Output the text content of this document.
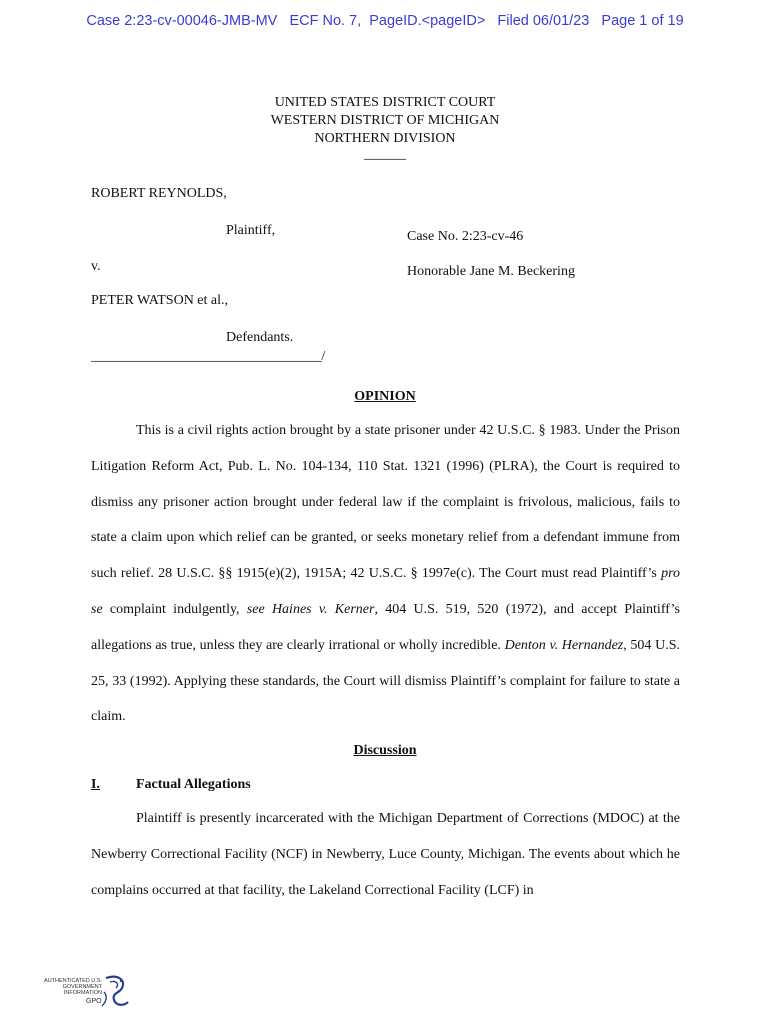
Case 2:23-cv-00046-JMB-MV ECF No. 7, PageID.<pageID> Filed 06/01/23 Page 1 of 19
UNITED STATES DISTRICT COURT
WESTERN DISTRICT OF MICHIGAN
NORTHERN DIVISION
______
ROBERT REYNOLDS,
Plaintiff,	Case No. 2:23-cv-46
v.	Honorable Jane M. Beckering
PETER WATSON et al.,
Defendants.
____________________________________/
OPINION

This is a civil rights action brought by a state prisoner under 42 U.S.C. § 1983. Under the Prison Litigation Reform Act, Pub. L. No. 104-134, 110 Stat. 1321 (1996) (PLRA), the Court is required to dismiss any prisoner action brought under federal law if the complaint is frivolous, malicious, fails to state a claim upon which relief can be granted, or seeks monetary relief from a defendant immune from such relief. 28 U.S.C. §§ 1915(e)(2), 1915A; 42 U.S.C. § 1997e(c). The Court must read Plaintiff’s pro se complaint indulgently, see Haines v. Kerner, 404 U.S. 519, 520 (1972), and accept Plaintiff’s allegations as true, unless they are clearly irrational or wholly incredible. Denton v. Hernandez, 504 U.S. 25, 33 (1992). Applying these standards, the Court will dismiss Plaintiff’s complaint for failure to state a claim.

Discussion
I.	Factual Allegations

Plaintiff is presently incarcerated with the Michigan Department of Corrections (MDOC) at the Newberry Correctional Facility (NCF) in Newberry, Luce County, Michigan. The events about which he complains occurred at that facility, the Lakeland Correctional Facility (LCF) in

AUTHENTICATED U.S. GOVERNMENT INFORMATION
GPO
